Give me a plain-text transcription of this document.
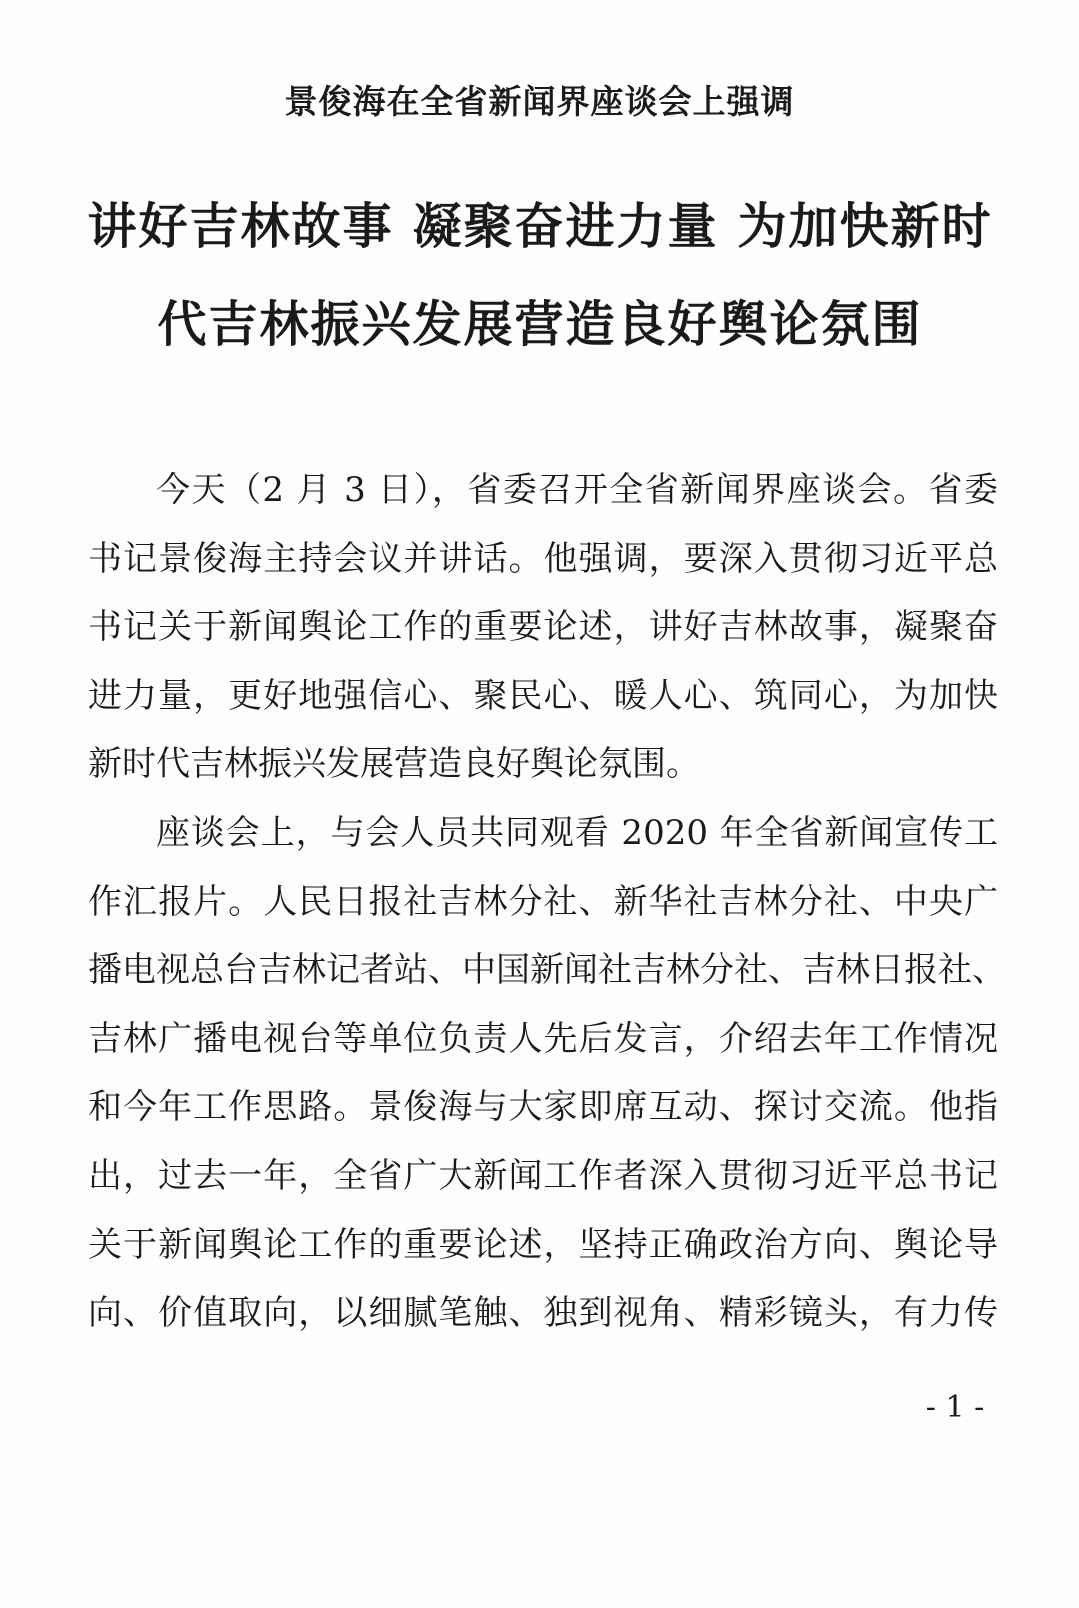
景俊海在全省新闻界座谈会上强调
讲好吉林故事 凝聚奋进力量 为加快新时
代吉林振兴发展营造良好舆论氛围
今天（2 月 3 日），省委召开全省新闻界座谈会。省委
书记景俊海主持会议并讲话。他强调，要深入贯彻习近平总
书记关于新闻舆论工作的重要论述，讲好吉林故事，凝聚奋
进力量，更好地强信心、聚民心、暖人心、筑同心，为加快
新时代吉林振兴发展营造良好舆论氛围。
座谈会上，与会人员共同观看 2020 年全省新闻宣传工
作汇报片。人民日报社吉林分社、新华社吉林分社、中央广
播电视总台吉林记者站、中国新闻社吉林分社、吉林日报社、
吉林广播电视台等单位负责人先后发言，介绍去年工作情况
和今年工作思路。景俊海与大家即席互动、探讨交流。他指
出，过去一年，全省广大新闻工作者深入贯彻习近平总书记
关于新闻舆论工作的重要论述，坚持正确政治方向、舆论导
向、价值取向，以细腻笔触、独到视角、精彩镜头，有力传
- 1 -
